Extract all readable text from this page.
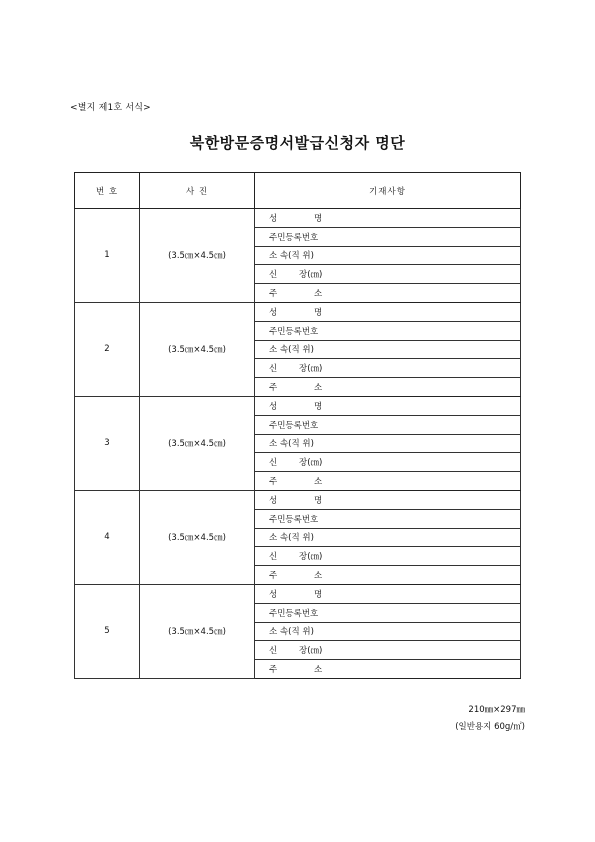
<별지 제1호 서식>
북한방문증명서발급신청자 명단
번 호	사 진	기재사항
1	(3.5㎝×4.5㎝)	성 명

		주민등록번호

		소 속(직 위)

		신 장(㎝)

		주 소

2	(3.5㎝×4.5㎝)	성 명

		주민등록번호

		소 속(직 위)

		신 장(㎝)

		주 소

3	(3.5㎝×4.5㎝)	성 명

		주민등록번호

		소 속(직 위)

		신 장(㎝)

		주 소

4	(3.5㎝×4.5㎝)	성 명

		주민등록번호

		소 속(직 위)

		신 장(㎝)

		주 소

5	(3.5㎝×4.5㎝)	성 명

		주민등록번호

		소 속(직 위)

		신 장(㎝)

		주 소
210㎜×297㎜
(일반용지 60g/㎡)
